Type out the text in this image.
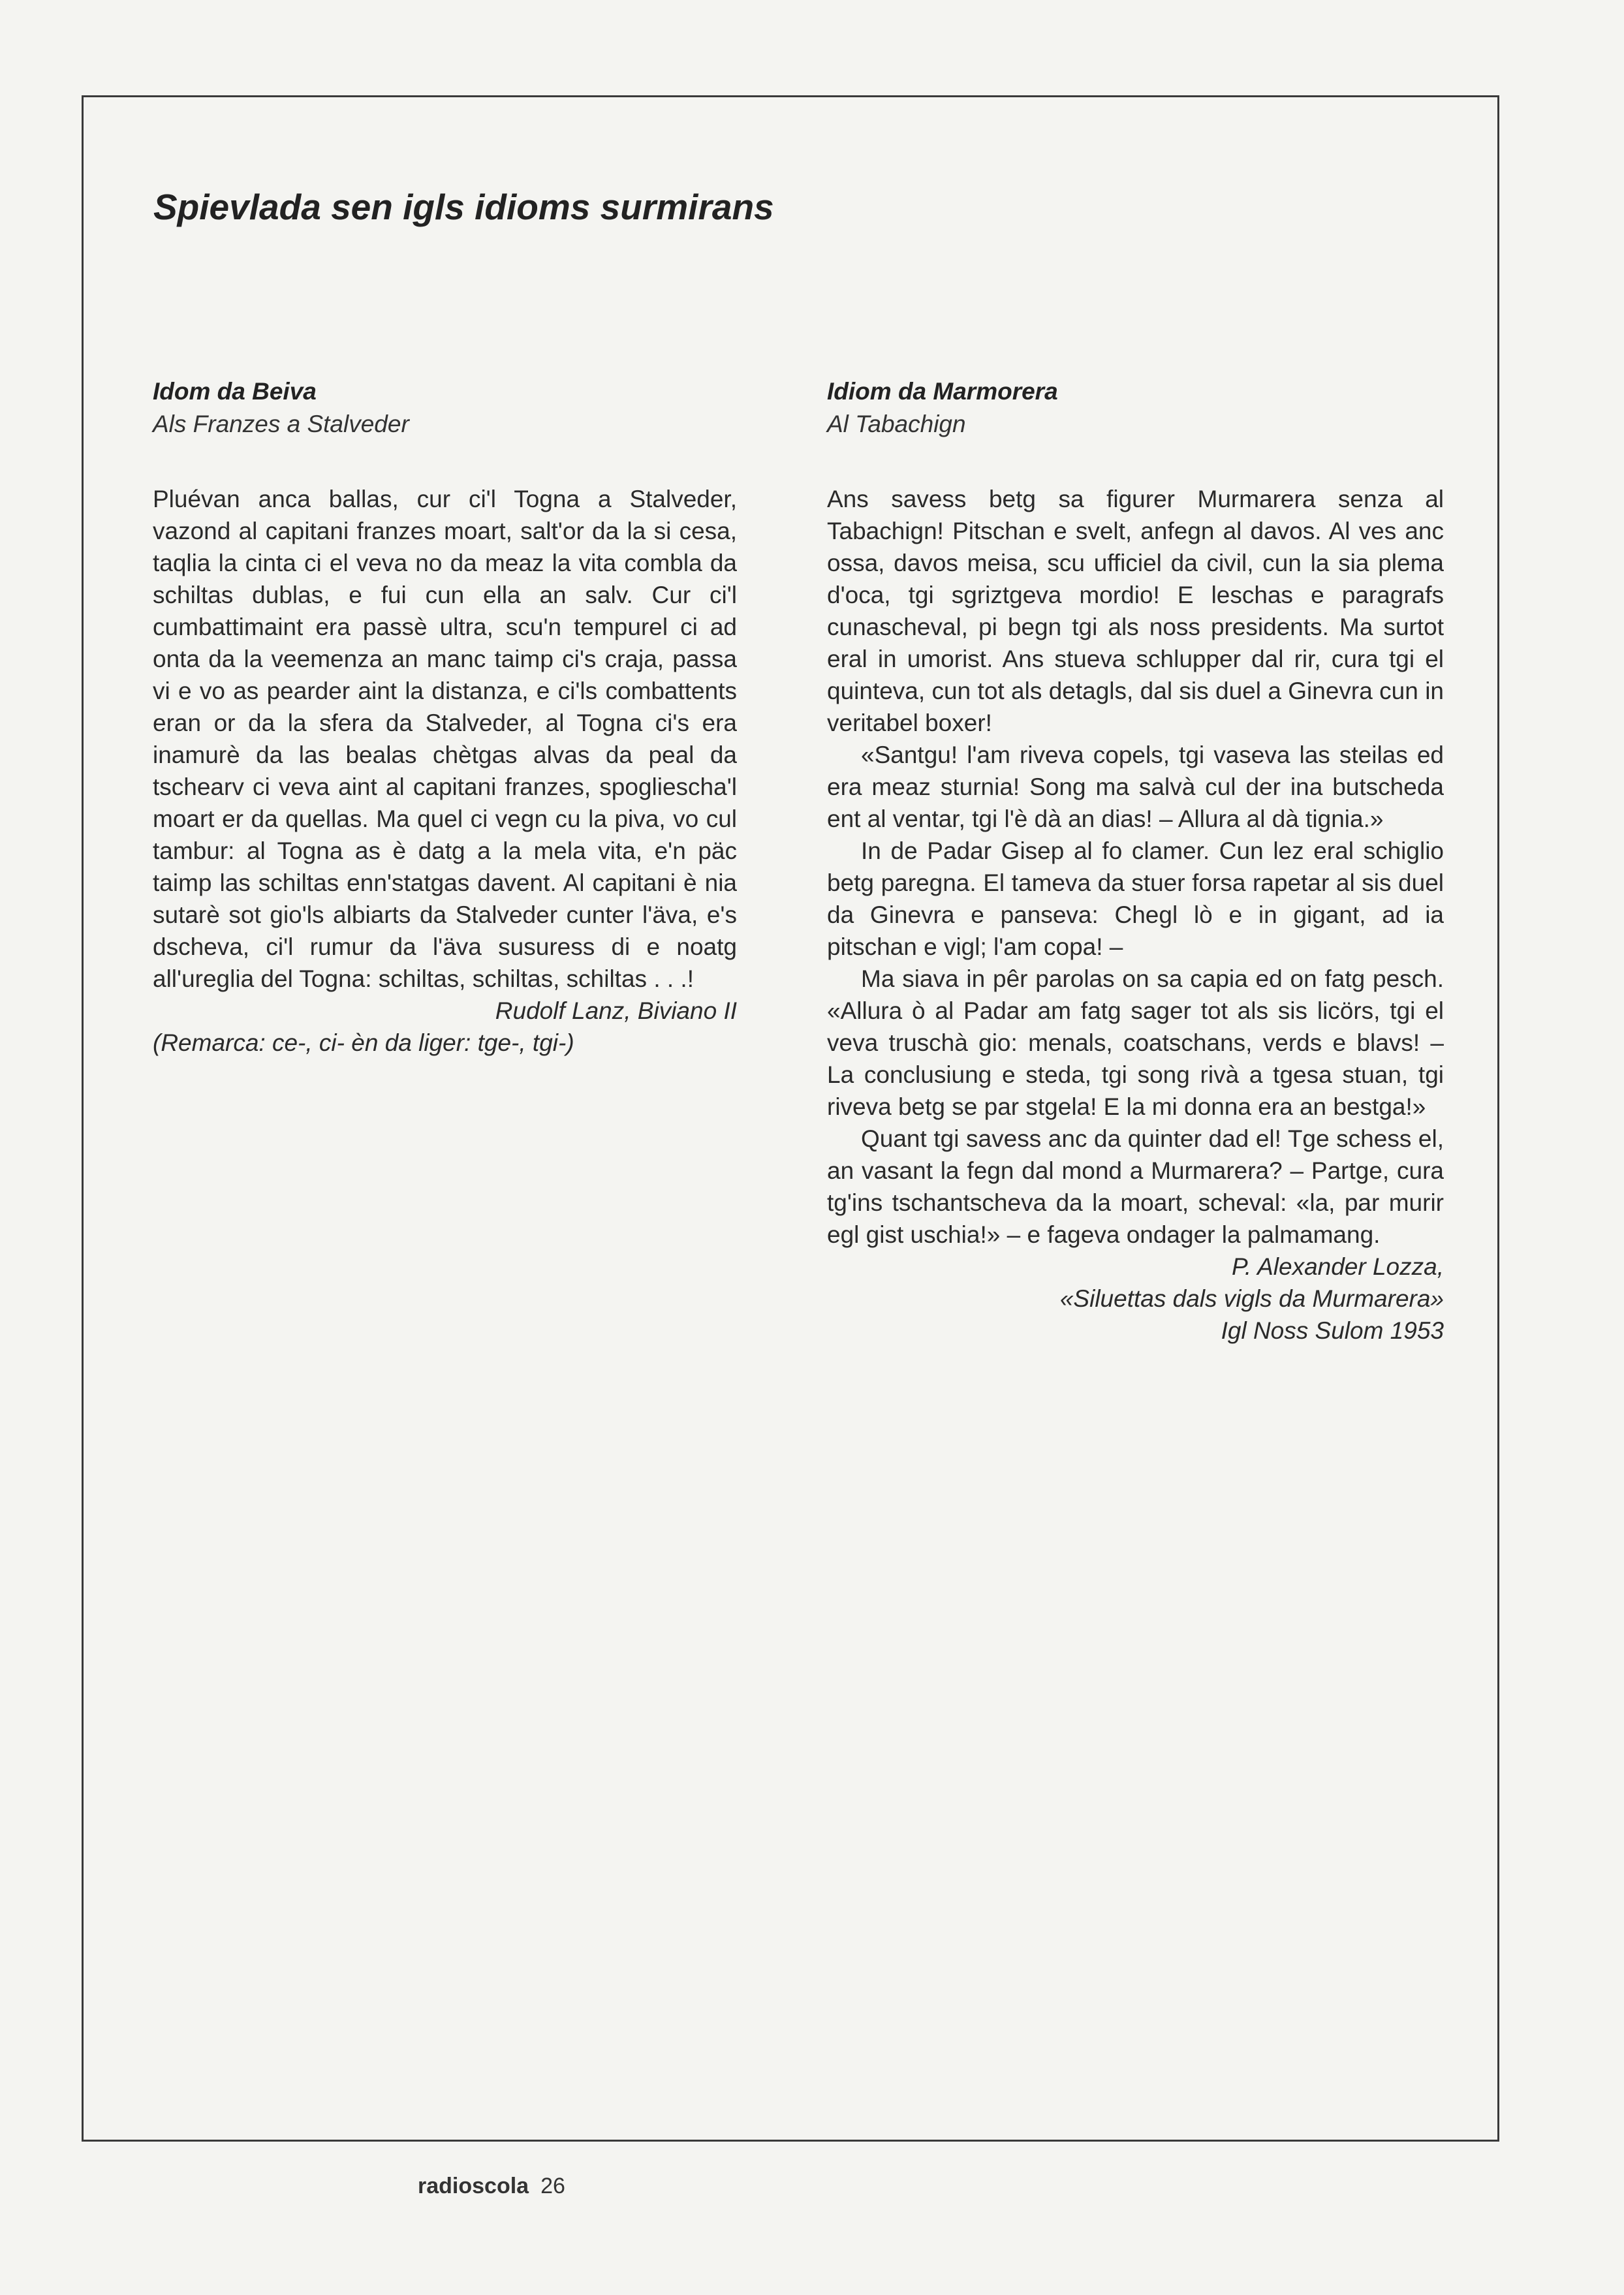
Spievlada sen igls idioms surmirans

Idom da Beiva

Als Franzes a Stalveder

Pluévan anca ballas, cur ci'l Togna a Stalveder, vazond al capitani franzes moart, salt'or da la si cesa, taqlia la cinta ci el veva no da meaz la vita combla da schiltas dublas, e fui cun ella an salv. Cur ci'l cumbattimaint era passè ultra, scu'n tempurel ci ad onta da la veemenza an manc taimp ci's craja, passa vi e vo as pearder aint la distanza, e ci'ls combattents eran or da la sfera da Stalveder, al Togna ci's era inamurè da las bealas chètgas alvas da peal da tschearv ci veva aint al capitani franzes, spogliescha'l moart er da quellas. Ma quel ci vegn cu la piva, vo cul tambur: al Togna as è datg a la mela vita, e'n päc taimp las schiltas enn'statgas davent. Al capitani è nia sutarè sot gio'ls albiarts da Stalveder cunter l'äva, e's dscheva, ci'l rumur da l'äva susuress di e noatg all'ureglia del Togna: schiltas, schiltas, schiltas . . .!

Rudolf Lanz, Biviano II

(Remarca: ce-, ci- èn da liger: tge-, tgi-)

Idiom da Marmorera

Al Tabachign

Ans savess betg sa figurer Murmarera senza al Tabachign! Pitschan e svelt, anfegn al davos. Al ves anc ossa, davos meisa, scu ufficiel da civil, cun la sia plema d'oca, tgi sgriztgeva mordio! E leschas e paragrafs cunascheval, pi begn tgi als noss presidents. Ma surtot eral in umorist. Ans stueva schlupper dal rir, cura tgi el quinteva, cun tot als detagls, dal sis duel a Ginevra cun in veritabel boxer!

«Santgu! l'am riveva copels, tgi vaseva las steilas ed era meaz sturnia! Song ma salvà cul der ina butscheda ent al ventar, tgi l'è dà an dias! – Allura al dà tignia.»

In de Padar Gisep al fo clamer. Cun lez eral schiglio betg paregna. El tameva da stuer forsa rapetar al sis duel da Ginevra e panseva: Chegl lò e in gigant, ad ia pitschan e vigl; l'am copa! –

Ma siava in pêr parolas on sa capia ed on fatg pesch. «Allura ò al Padar am fatg sager tot als sis licörs, tgi el veva truschà gio: menals, coatschans, verds e blavs! – La conclusiung e steda, tgi song rivà a tgesa stuan, tgi riveva betg se par stgela! E la mi donna era an bestga!»

Quant tgi savess anc da quinter dad el! Tge schess el, an vasant la fegn dal mond a Murmarera? – Partge, cura tg'ins tschantscheva da la moart, scheval: «la, par murir egl gist uschia!» – e fageva ondager la palmamang.

P. Alexander Lozza,

«Siluettas dals vigls da Murmarera»

Igl Noss Sulom 1953

radioscola 26
